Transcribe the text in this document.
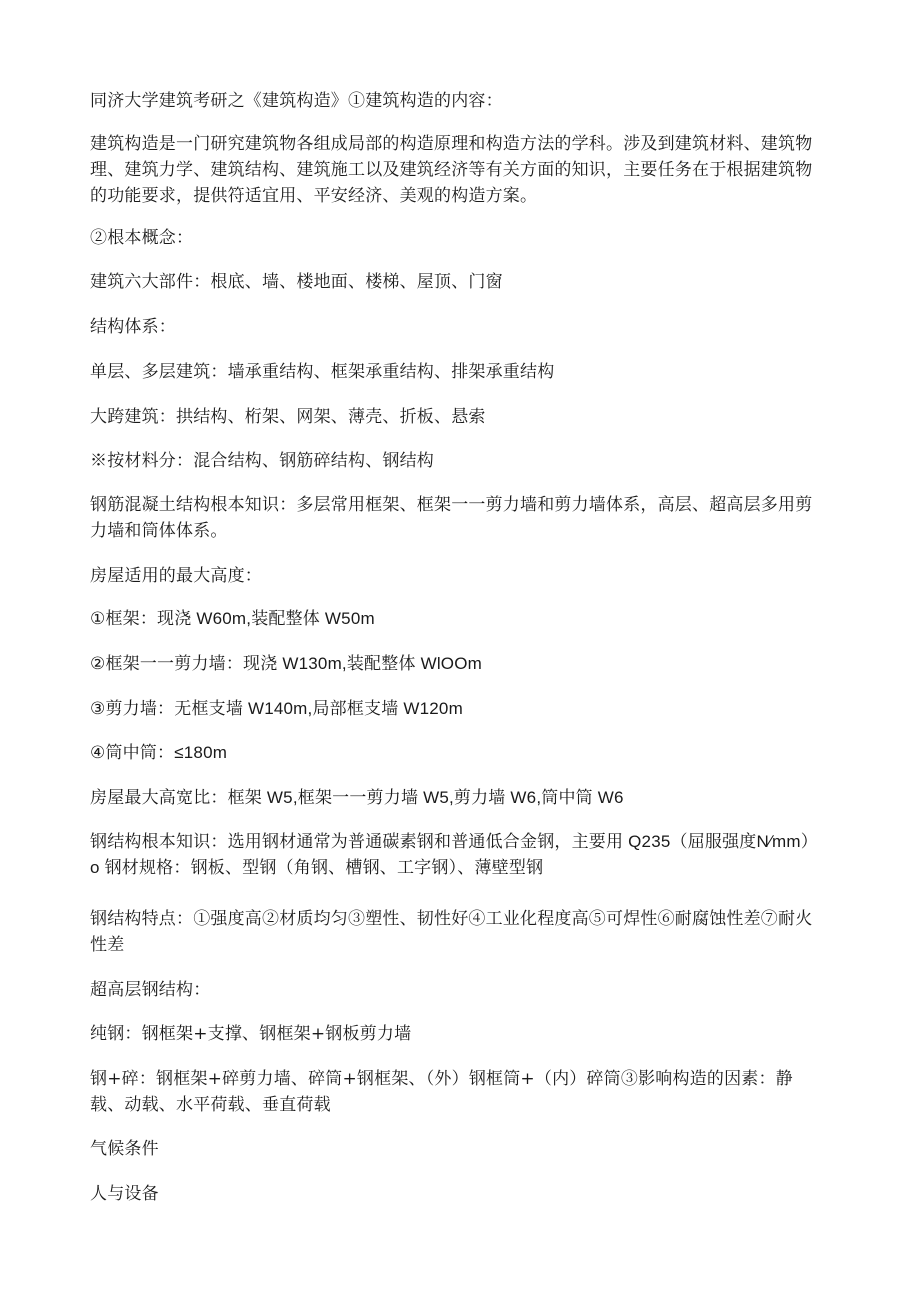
同济大学建筑考研之《建筑构造》①建筑构造的内容：

建筑构造是一门研究建筑物各组成局部的构造原理和构造方法的学科。涉及到建筑材料、建筑物理、建筑力学、建筑结构、建筑施工以及建筑经济等有关方面的知识，主要任务在于根据建筑物的功能要求，提供符适宜用、平安经济、美观的构造方案。

②根本概念：

建筑六大部件：根底、墙、楼地面、楼梯、屋顶、门窗

结构体系：

单层、多层建筑：墙承重结构、框架承重结构、排架承重结构

大跨建筑：拱结构、桁架、网架、薄壳、折板、悬索

※按材料分：混合结构、钢筋碎结构、钢结构

钢筋混凝土结构根本知识：多层常用框架、框架一一剪力墙和剪力墙体系，高层、超高层多用剪力墙和筒体体系。

房屋适用的最大高度：

①框架：现浇 W60m,装配整体 W50m

②框架一一剪力墙：现浇 W130m,装配整体 WlOOm

③剪力墙：无框支墙 W140m,局部框支墙 W120m

④筒中筒：≤180m

房屋最大高宽比：框架 W5,框架一一剪力墙 W5,剪力墙 W6,筒中筒 W6

钢结构根本知识：选用钢材通常为普通碳素钢和普通低合金钢，主要用 Q235（屈服强度N∕mm）o 钢材规格：钢板、型钢（角钢、槽钢、工字钢）、薄壁型钢

钢结构特点：①强度高②材质均匀③塑性、韧性好④工业化程度高⑤可焊性⑥耐腐蚀性差⑦耐火性差

超高层钢结构：

纯钢：钢框架+支撑、钢框架+钢板剪力墙

钢+碎：钢框架+碎剪力墙、碎筒+钢框架、（外）钢框筒+（内）碎筒③影响构造的因素：静载、动载、水平荷载、垂直荷载

气候条件

人与设备
